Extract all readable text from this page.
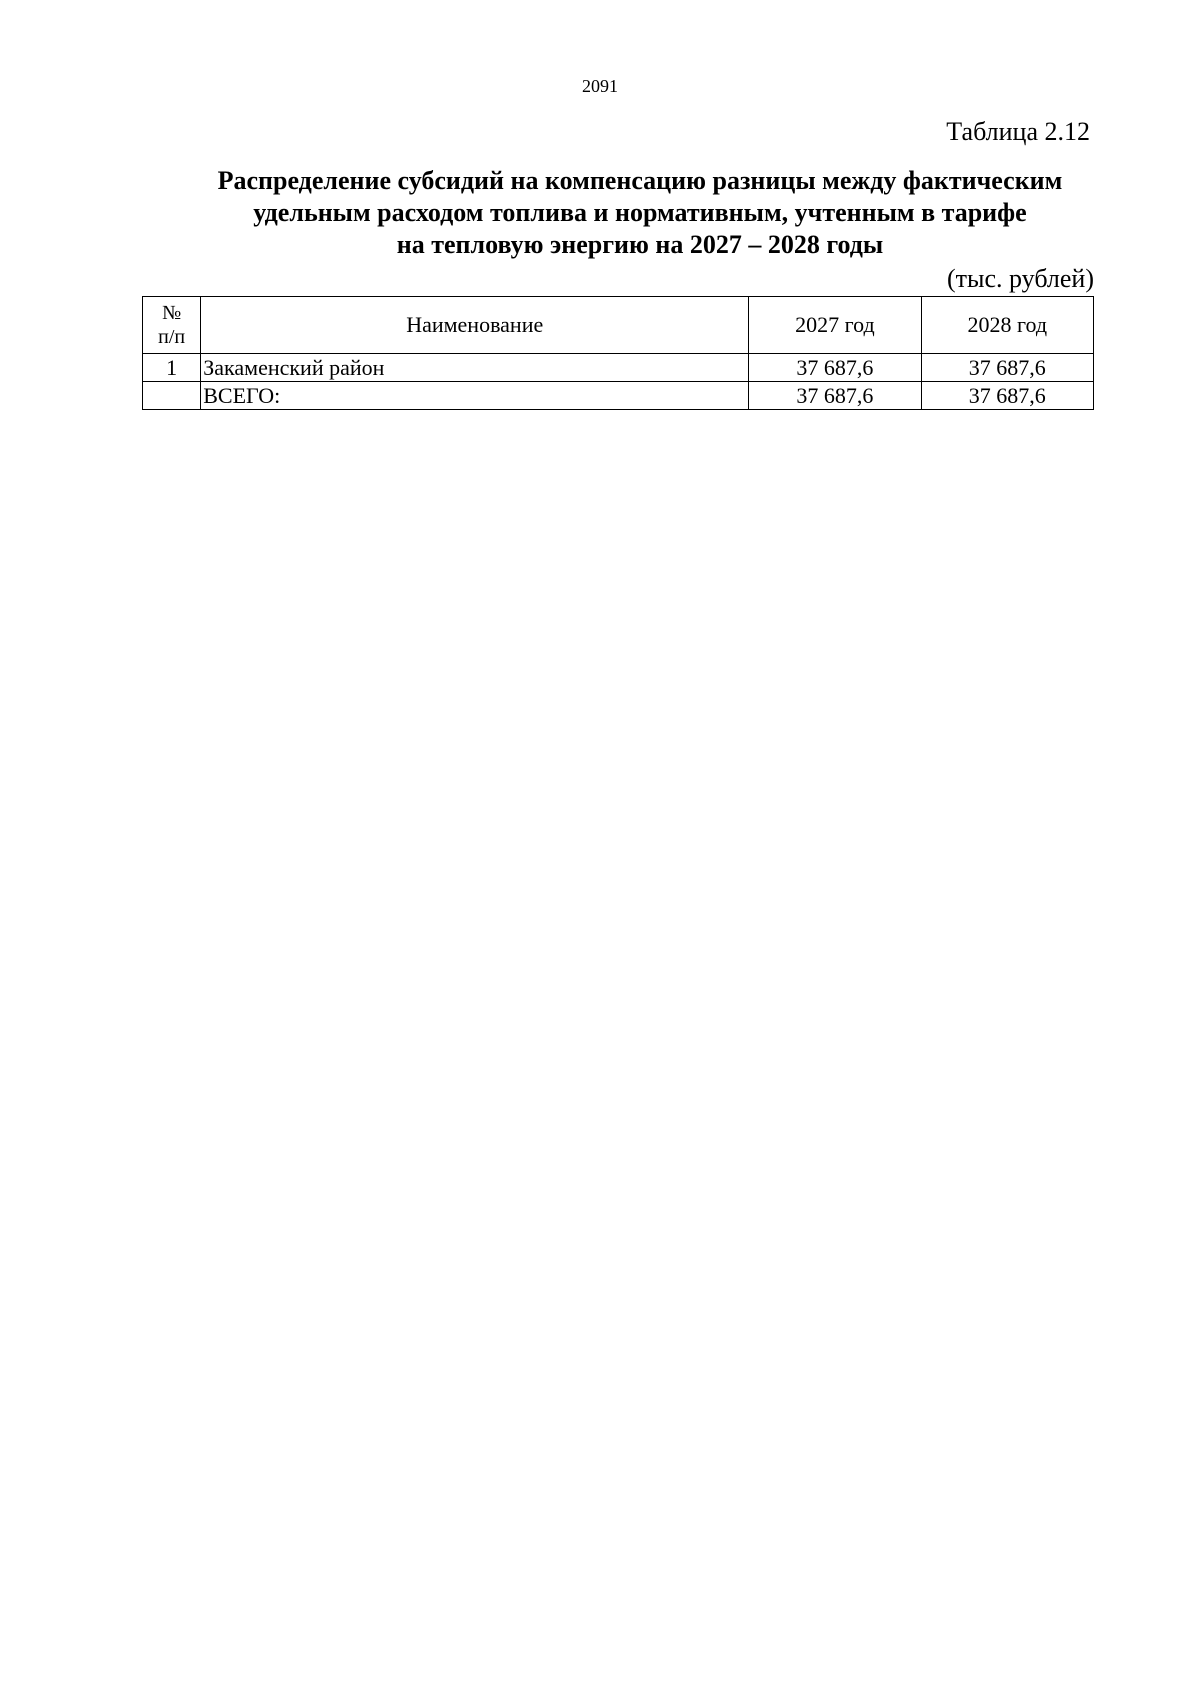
2091
Таблица 2.12
Распределение субсидий на компенсацию разницы между фактическим
удельным расходом топлива и нормативным, учтенным в тарифе
на тепловую энергию на 2027 – 2028 годы
(тыс. рублей)
№
п/п	Наименование	2027 год	2028 год
1	Закаменский район	37 687,6	37 687,6
	ВСЕГО:	37 687,6	37 687,6
